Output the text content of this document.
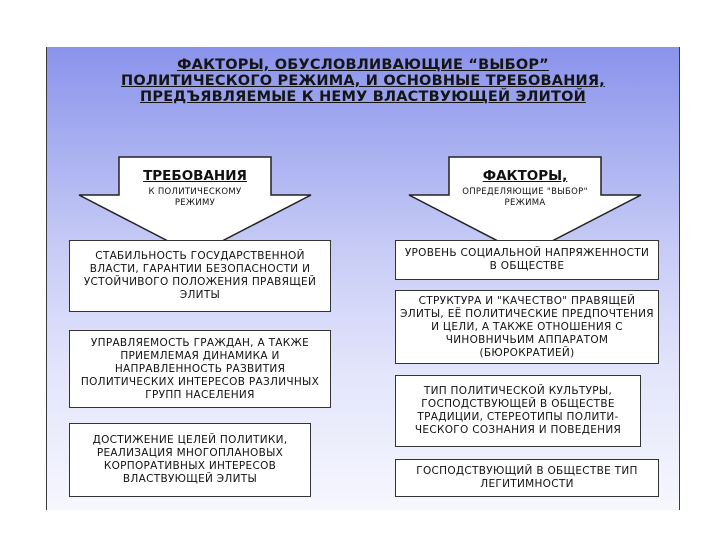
ФАКТОРЫ, ОБУСЛОВЛИВАЮЩИЕ “ВЫБОР”
ПОЛИТИЧЕСКОГО РЕЖИМА, И ОСНОВНЫЕ ТРЕБОВАНИЯ,
ПРЕДЪЯВЛЯЕМЫЕ К НЕМУ ВЛАСТВУЮЩЕЙ ЭЛИТОЙ
ТРЕБОВАНИЯ
К ПОЛИТИЧЕСКОМУ
РЕЖИМУ
ФАКТОРЫ,
ОПРЕДЕЛЯЮЩИЕ "ВЫБОР"
РЕЖИМА
СТАБИЛЬНОСТЬ ГОСУДАРСТВЕННОЙ ВЛАСТИ, ГАРАНТИИ БЕЗОПАСНОСТИ И УСТОЙЧИВОГО ПОЛОЖЕНИЯ ПРАВЯЩЕЙ ЭЛИТЫ
УПРАВЛЯЕМОСТЬ ГРАЖДАН, А ТАКЖЕ ПРИЕМЛЕМАЯ ДИНАМИКА И НАПРАВЛЕННОСТЬ РАЗВИТИЯ ПОЛИТИЧЕСКИХ ИНТЕРЕСОВ РАЗЛИЧНЫХ ГРУПП НАСЕЛЕНИЯ
ДОСТИЖЕНИЕ ЦЕЛЕЙ ПОЛИТИКИ, РЕАЛИЗАЦИЯ МНОГОПЛАНОВЫХ КОРПОРАТИВНЫХ ИНТЕРЕСОВ ВЛАСТВУЮЩЕЙ ЭЛИТЫ
УРОВЕНЬ СОЦИАЛЬНОЙ НАПРЯЖЕННОСТИ В ОБЩЕСТВЕ
СТРУКТУРА И "КАЧЕСТВО" ПРАВЯЩЕЙ ЭЛИТЫ, ЕЁ ПОЛИТИЧЕСКИЕ ПРЕДПОЧТЕНИЯ И ЦЕЛИ, А ТАКЖЕ ОТНОШЕНИЯ С ЧИНОВНИЧЬИМ АППАРАТОМ (БЮРОКРАТИЕЙ)
ТИП ПОЛИТИЧЕСКОЙ КУЛЬТУРЫ, ГОСПОДСТВУЮЩЕЙ В ОБЩЕСТВЕ ТРАДИЦИИ, СТЕРЕОТИПЫ ПОЛИТИ-ЧЕСКОГО СОЗНАНИЯ И ПОВЕДЕНИЯ
ГОСПОДСТВУЮЩИЙ В ОБЩЕСТВЕ ТИП ЛЕГИТИМНОСТИ
